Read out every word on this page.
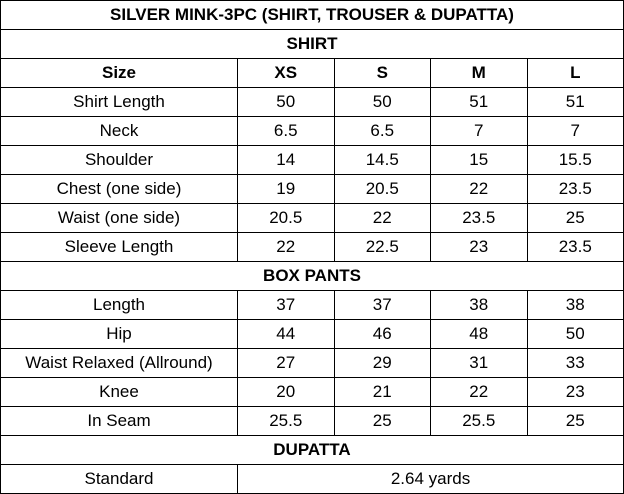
SILVER MINK-3PC (SHIRT, TROUSER & DUPATTA)				
SHIRT				
Size	XS	S	M	L
Shirt Length	50	50	51	51
Neck	6.5	6.5	7	7
Shoulder	14	14.5	15	15.5
Chest (one side)	19	20.5	22	23.5
Waist (one side)	20.5	22	23.5	25
Sleeve Length	22	22.5	23	23.5
BOX PANTS				
Length	37	37	38	38
Hip	44	46	48	50
Waist Relaxed (Allround)	27	29	31	33
Knee	20	21	22	23
In Seam	25.5	25	25.5	25
DUPATTA				
Standard	2.64 yards			
